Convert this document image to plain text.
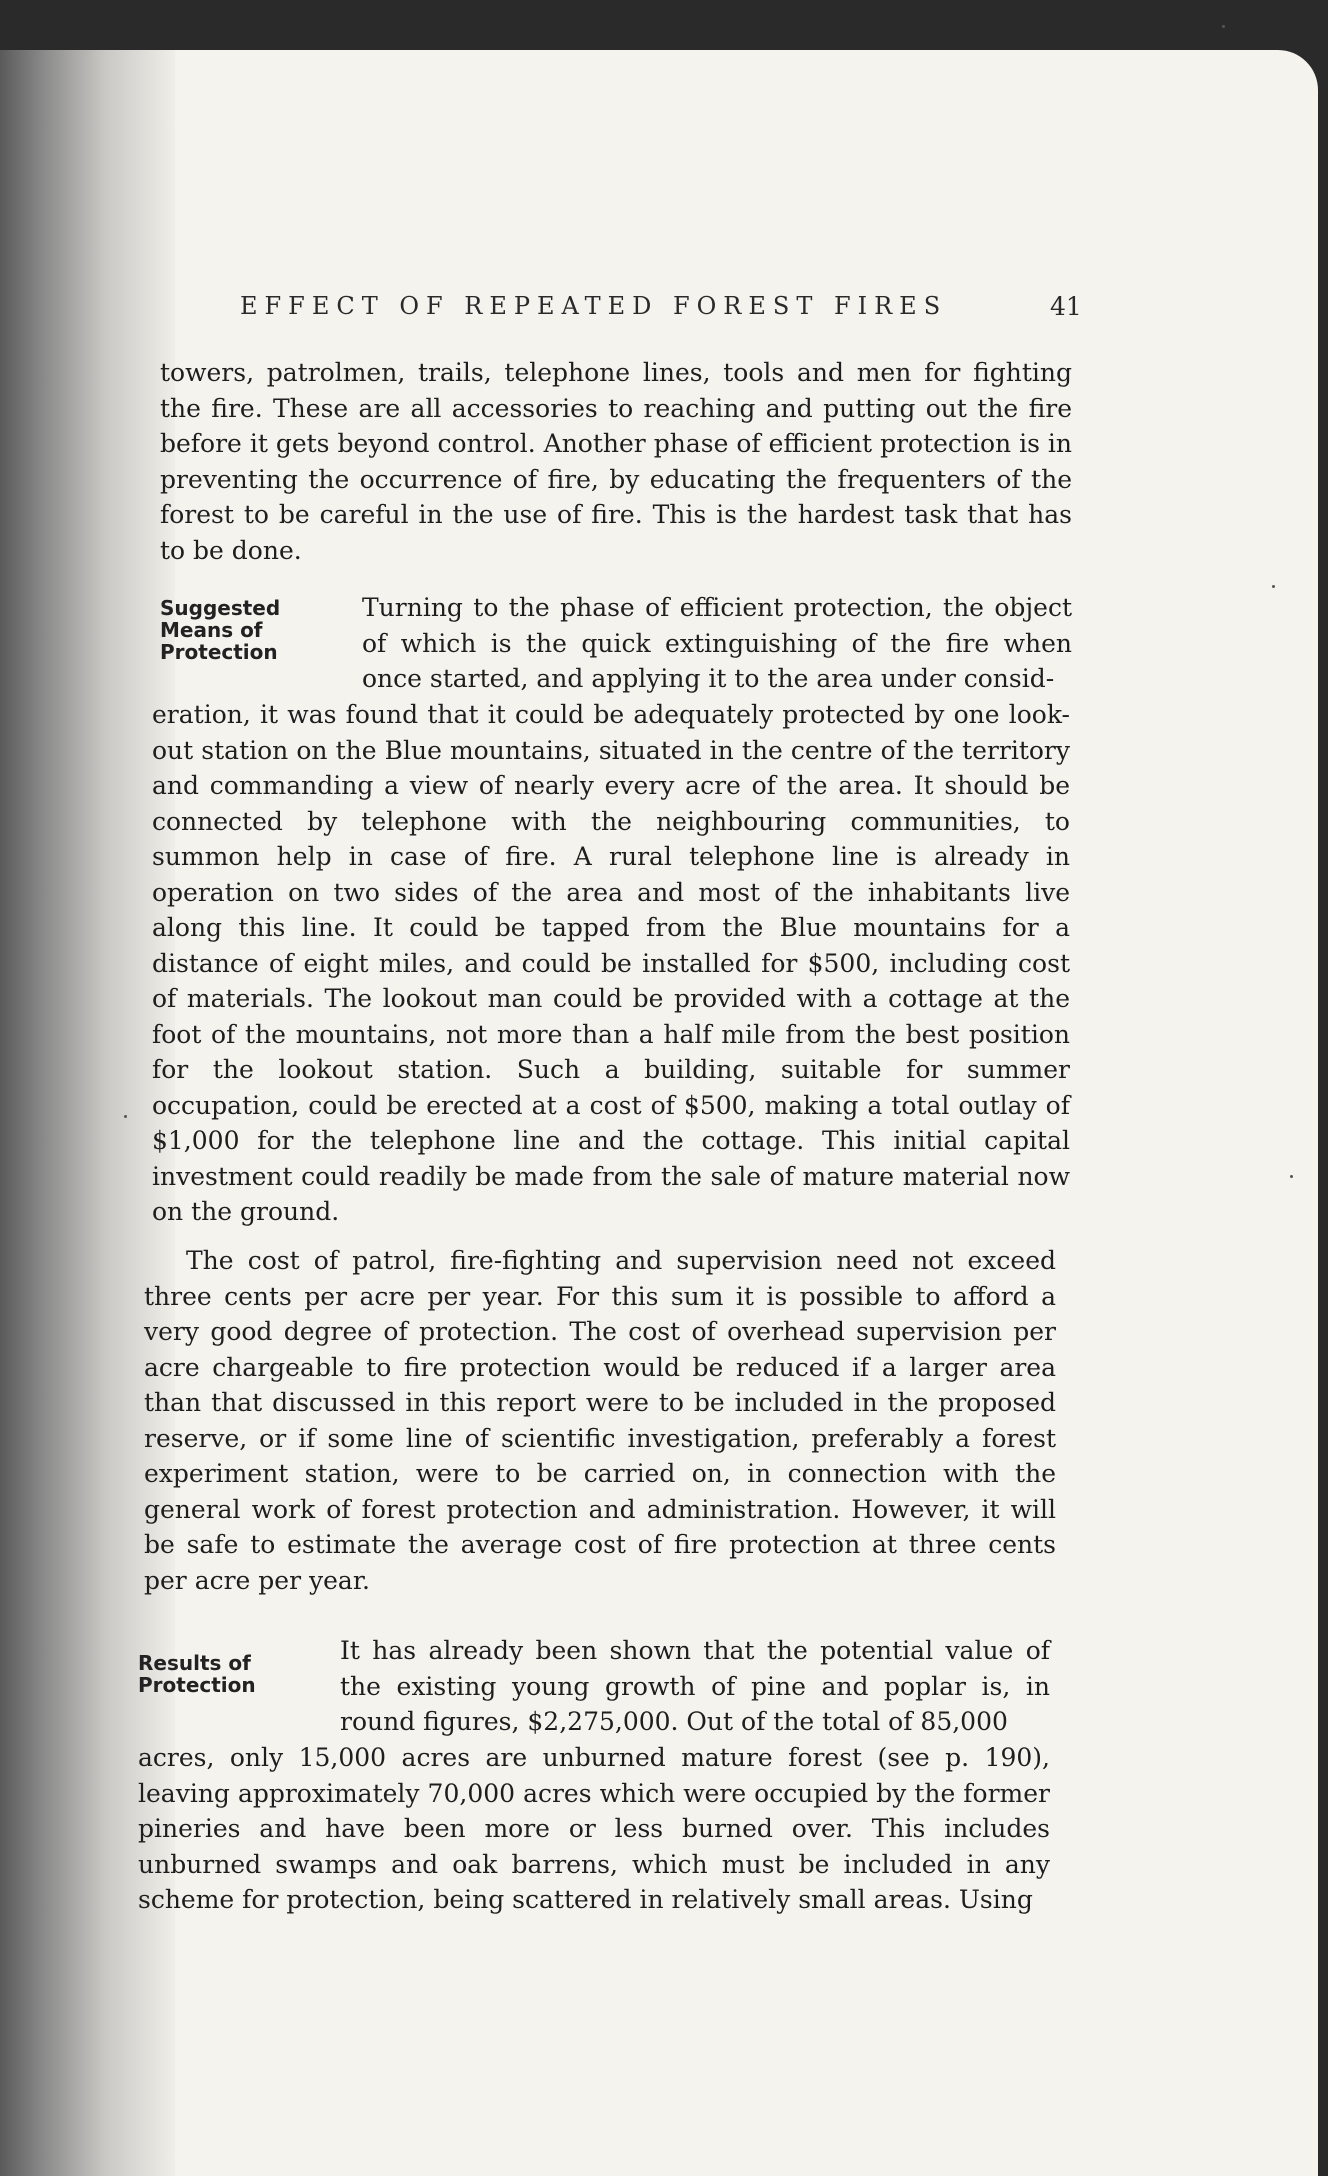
EFFECT OF REPEATED FOREST FIRES	41
towers, patrolmen, trails, telephone lines, tools and men for fighting the fire. These are all accessories to reaching and putting out the fire before it gets beyond control. Another phase of efficient protection is in preventing the occurrence of fire, by educating the frequenters of the forest to be careful in the use of fire. This is the hardest task that has to be done.
Suggested
Means of
Protection
Turning to the phase of efficient protection, the object of which is the quick extinguishing of the fire when once started, and applying it to the area under consid-
eration, it was found that it could be adequately protected by one look-out station on the Blue mountains, situated in the centre of the territory and commanding a view of nearly every acre of the area. It should be connected by telephone with the neighbouring communities, to summon help in case of fire. A rural telephone line is already in operation on two sides of the area and most of the inhabitants live along this line. It could be tapped from the Blue mountains for a distance of eight miles, and could be installed for $500, including cost of materials. The lookout man could be provided with a cottage at the foot of the mountains, not more than a half mile from the best position for the lookout station. Such a building, suitable for summer occupation, could be erected at a cost of $500, making a total outlay of $1,000 for the telephone line and the cottage. This initial capital investment could readily be made from the sale of mature material now on the ground.
The cost of patrol, fire-fighting and supervision need not exceed three cents per acre per year. For this sum it is possible to afford a very good degree of protection. The cost of overhead supervision per acre chargeable to fire protection would be reduced if a larger area than that discussed in this report were to be included in the proposed reserve, or if some line of scientific investigation, preferably a forest experiment station, were to be carried on, in connection with the general work of forest protection and administration. However, it will be safe to estimate the average cost of fire protection at three cents per acre per year.
Results of
Protection
It has already been shown that the potential value of the existing young growth of pine and poplar is, in round figures, $2,275,000. Out of the total of 85,000
acres, only 15,000 acres are unburned mature forest (see p. 190), leaving approximately 70,000 acres which were occupied by the former pineries and have been more or less burned over. This includes unburned swamps and oak barrens, which must be included in any scheme for protection, being scattered in relatively small areas. Using
